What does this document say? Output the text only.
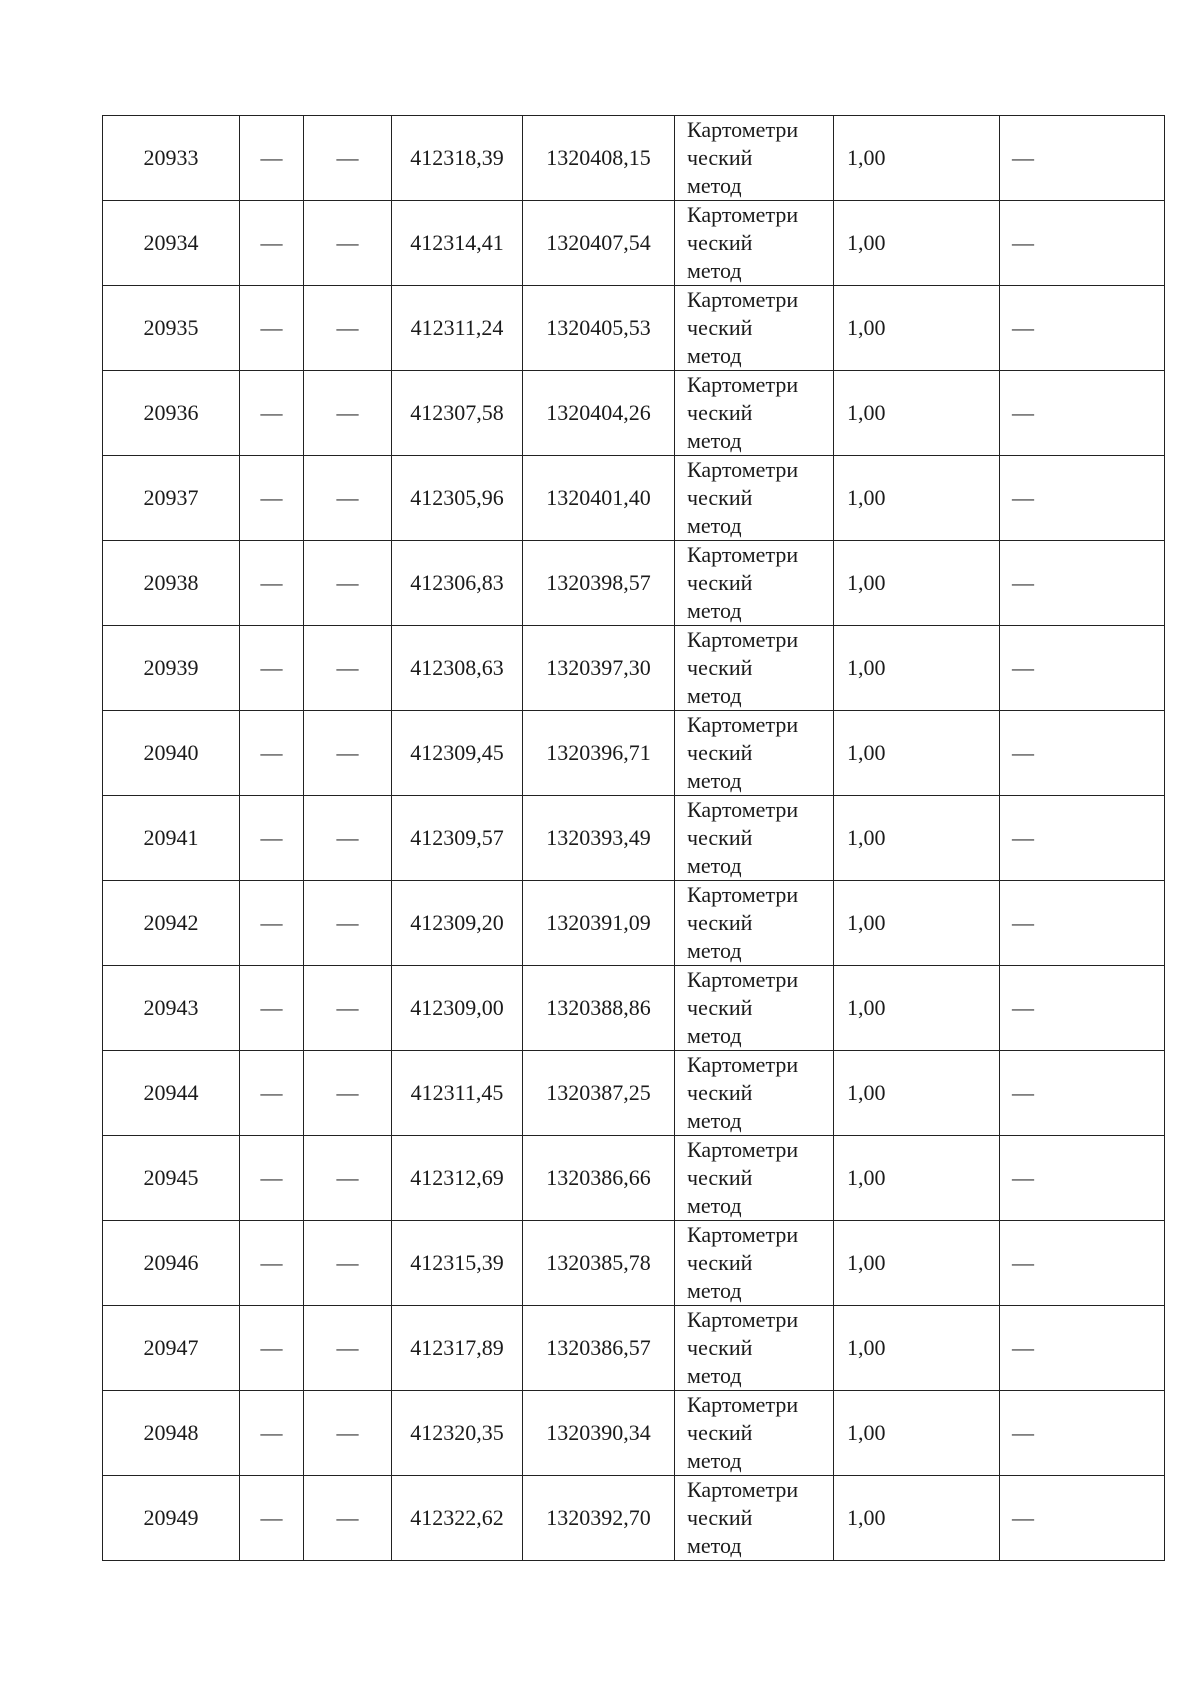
20933	—	—	412318,39	1320408,15	Картометри
ческий
метод	1,00	—
20934	—	—	412314,41	1320407,54	Картометри
ческий
метод	1,00	—
20935	—	—	412311,24	1320405,53	Картометри
ческий
метод	1,00	—
20936	—	—	412307,58	1320404,26	Картометри
ческий
метод	1,00	—
20937	—	—	412305,96	1320401,40	Картометри
ческий
метод	1,00	—
20938	—	—	412306,83	1320398,57	Картометри
ческий
метод	1,00	—
20939	—	—	412308,63	1320397,30	Картометри
ческий
метод	1,00	—
20940	—	—	412309,45	1320396,71	Картометри
ческий
метод	1,00	—
20941	—	—	412309,57	1320393,49	Картометри
ческий
метод	1,00	—
20942	—	—	412309,20	1320391,09	Картометри
ческий
метод	1,00	—
20943	—	—	412309,00	1320388,86	Картометри
ческий
метод	1,00	—
20944	—	—	412311,45	1320387,25	Картометри
ческий
метод	1,00	—
20945	—	—	412312,69	1320386,66	Картометри
ческий
метод	1,00	—
20946	—	—	412315,39	1320385,78	Картометри
ческий
метод	1,00	—
20947	—	—	412317,89	1320386,57	Картометри
ческий
метод	1,00	—
20948	—	—	412320,35	1320390,34	Картометри
ческий
метод	1,00	—
20949	—	—	412322,62	1320392,70	Картометри
ческий
метод	1,00	—
